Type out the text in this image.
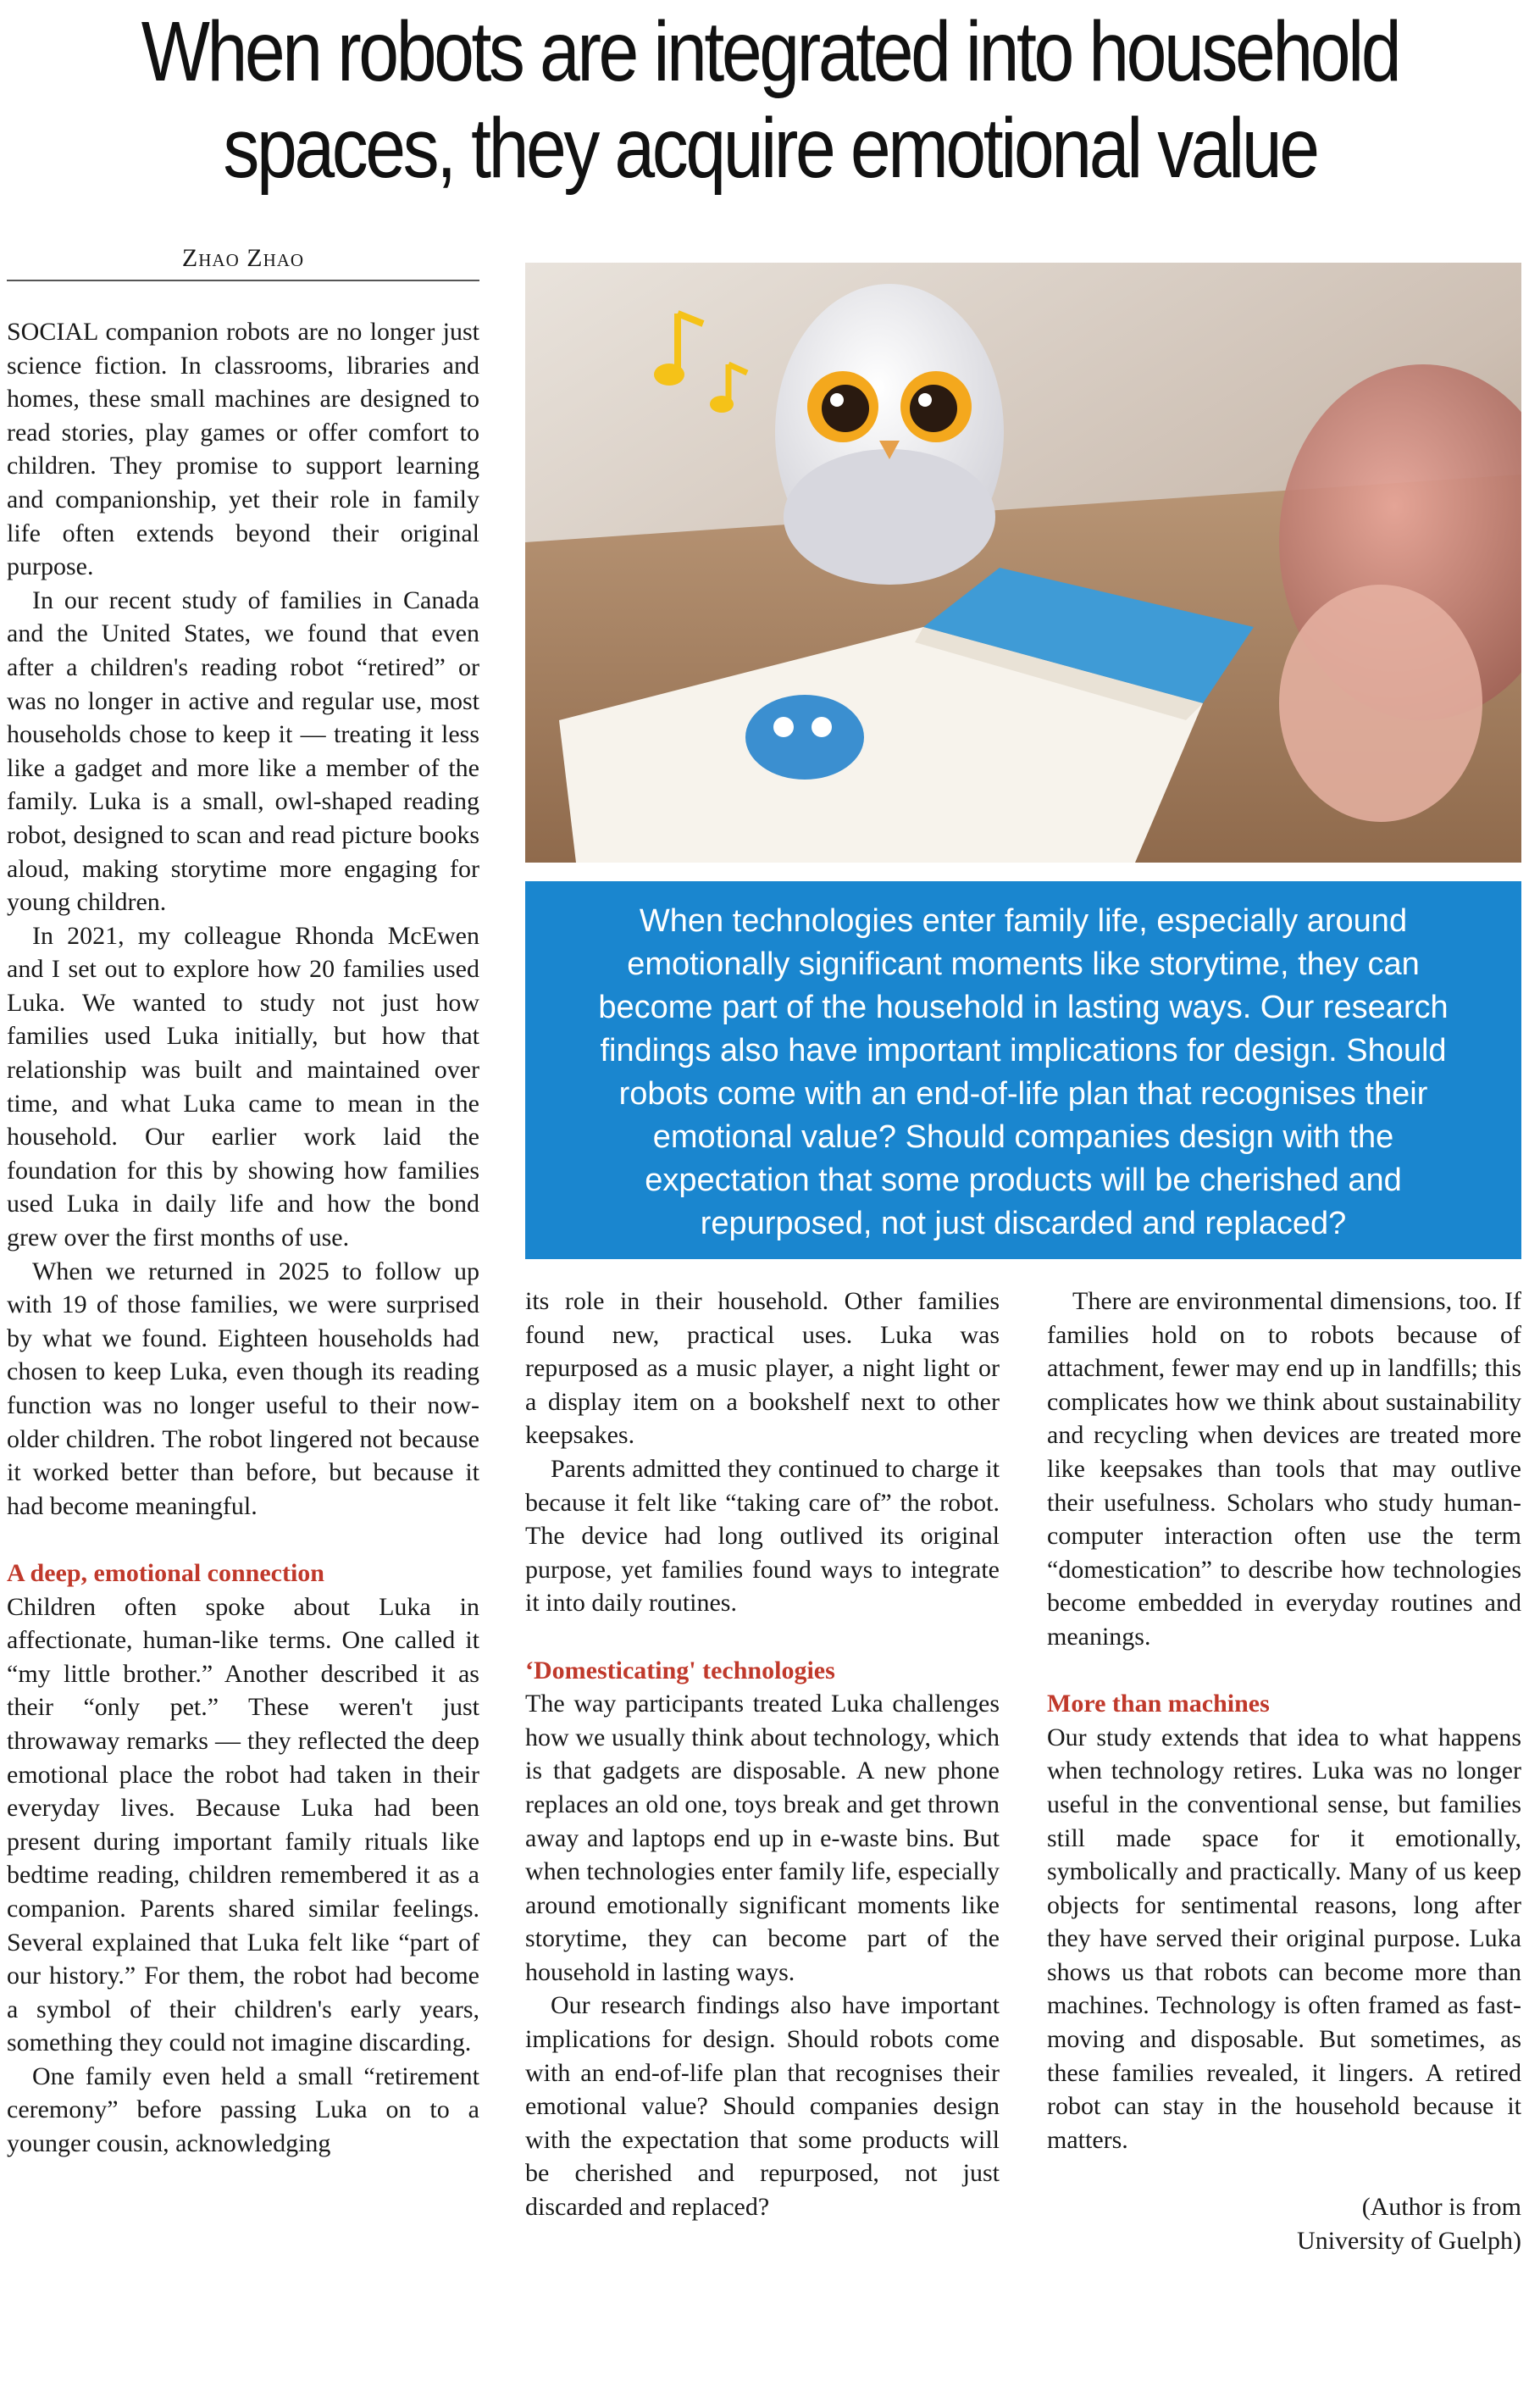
When robots are integrated into household
spaces, they acquire emotional value
Zhao Zhao

SOCIAL companion robots are no longer just science fiction. In classrooms, libraries and homes, these small machines are designed to read stories, play games or offer comfort to children. They promise to support learning and companionship, yet their role in family life often extends beyond their original purpose.

In our recent study of families in Canada and the United States, we found that even after a children's reading robot “retired” or was no longer in active and regular use, most households chose to keep it — treating it less like a gadget and more like a member of the family. Luka is a small, owl-shaped reading robot, designed to scan and read picture books aloud, making storytime more engaging for young children.

In 2021, my colleague Rhonda McEwen and I set out to explore how 20 families used Luka. We wanted to study not just how families used Luka initially, but how that relationship was built and maintained over time, and what Luka came to mean in the household. Our earlier work laid the foundation for this by showing how families used Luka in daily life and how the bond grew over the first months of use.

When we returned in 2025 to follow up with 19 of those families, we were surprised by what we found. Eighteen households had chosen to keep Luka, even though its reading function was no longer useful to their now-older children. The robot lingered not because it worked better than before, but because it had become meaningful.

A deep, emotional connection

Children often spoke about Luka in affectionate, human-like terms. One called it “my little brother.” Another described it as their “only pet.” These weren't just throwaway remarks — they reflected the deep emotional place the robot had taken in their everyday lives. Because Luka had been present during important family rituals like bedtime reading, children remembered it as a companion. Parents shared similar feelings. Several explained that Luka felt like “part of our history.” For them, the robot had become a symbol of their children's early years, something they could not imagine discarding.

One family even held a small “retirement ceremony” before passing Luka on to a younger cousin, acknowledging

When technologies enter family life, especially around emotionally significant moments like storytime, they can become part of the household in lasting ways. Our research findings also have important implications for design. Should robots come with an end-of-life plan that recognises their emotional value? Should companies design with the expectation that some products will be cherished and repurposed, not just discarded and replaced?

its role in their household. Other families found new, practical uses. Luka was repurposed as a music player, a night light or a display item on a bookshelf next to other keepsakes.

Parents admitted they continued to charge it because it felt like “taking care of” the robot. The device had long outlived its original purpose, yet families found ways to integrate it into daily routines.

‘Domesticating' technologies

The way participants treated Luka challenges how we usually think about technology, which is that gadgets are disposable. A new phone replaces an old one, toys break and get thrown away and laptops end up in e-waste bins. But when technologies enter family life, especially around emotionally significant moments like storytime, they can become part of the household in lasting ways.

Our research findings also have important implications for design. Should robots come with an end-of-life plan that recognises their emotional value? Should companies design with the expectation that some products will be cherished and repurposed, not just discarded and replaced?

There are environmental dimensions, too. If families hold on to robots because of attachment, fewer may end up in landfills; this complicates how we think about sustainability and recycling when devices are treated more like keepsakes than tools that may outlive their usefulness. Scholars who study human-computer interaction often use the term “domestication” to describe how technologies become embedded in everyday routines and meanings.

More than machines

Our study extends that idea to what happens when technology retires. Luka was no longer useful in the conventional sense, but families still made space for it emotionally, symbolically and practically. Many of us keep objects for sentimental reasons, long after they have served their original purpose. Luka shows us that robots can become more than machines. Technology is often framed as fast-moving and disposable. But sometimes, as these families revealed, it lingers. A retired robot can stay in the household because it matters.

(Author is from
University of Guelph)
